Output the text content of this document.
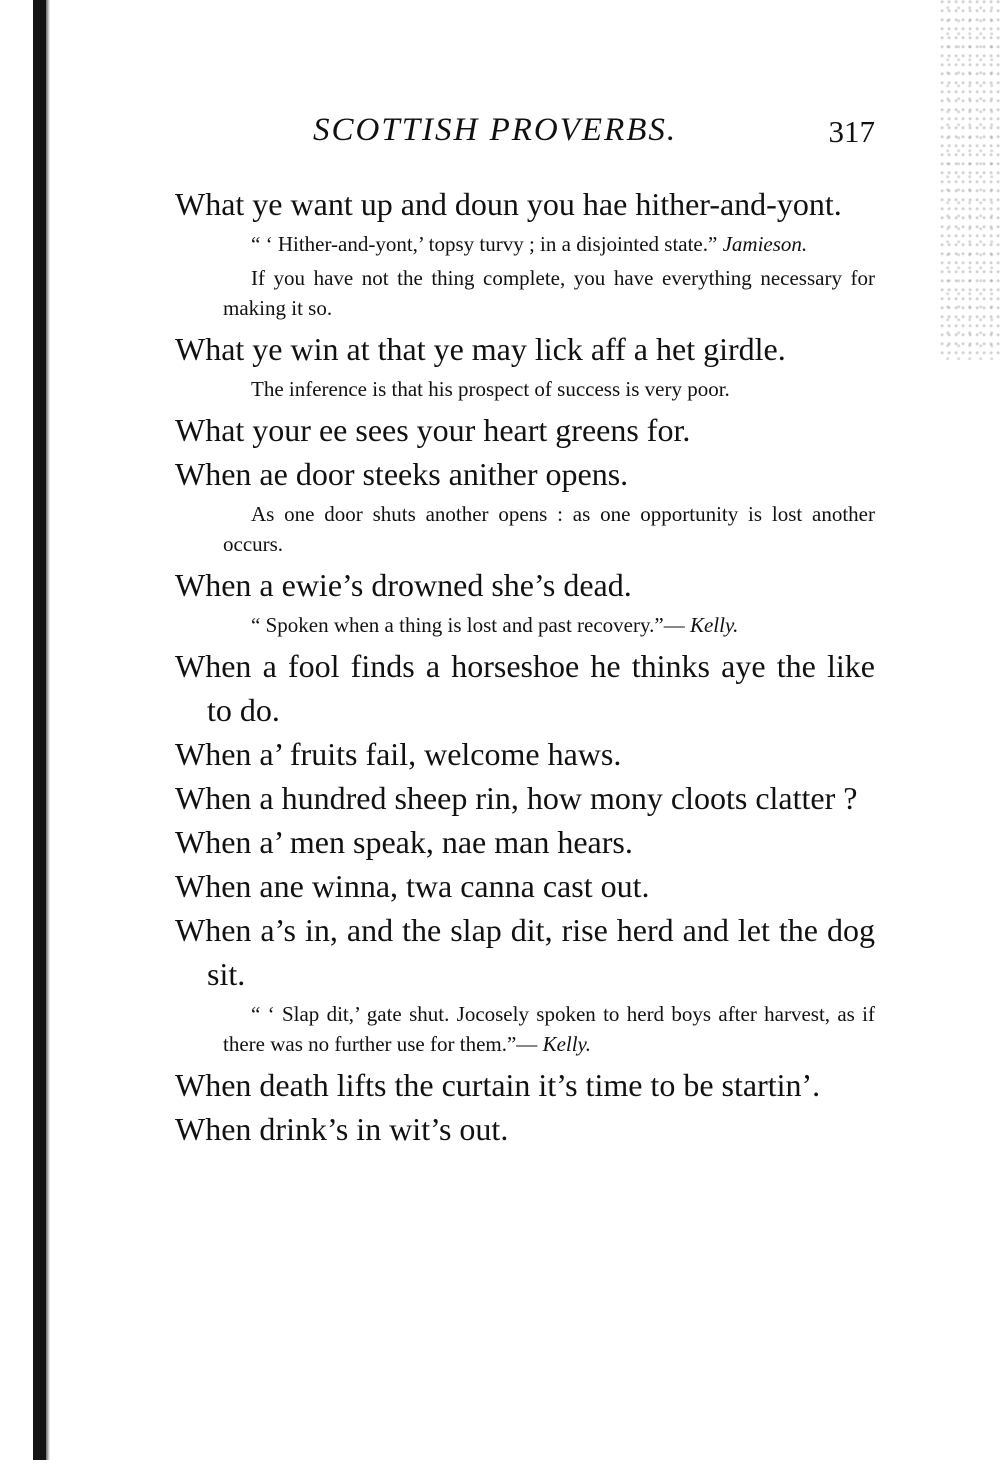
SCOTTISH PROVERBS.	317

What ye want up and doun you hae hither-and-yont.

“ ‘ Hither-and-yont,’ topsy turvy ; in a disjointed state.” Jamieson.

If you have not the thing complete, you have everything necessary for making it so.

What ye win at that ye may lick aff a het girdle.

The inference is that his prospect of success is very poor.

What your ee sees your heart greens for.

When ae door steeks anither opens.

As one door shuts another opens : as one opportunity is lost another occurs.

When a ewie’s drowned she’s dead.

“ Spoken when a thing is lost and past recovery.”— Kelly.

When a fool finds a horseshoe he thinks aye the like to do.

When a’ fruits fail, welcome haws.

When a hundred sheep rin, how mony cloots clatter ?

When a’ men speak, nae man hears.

When ane winna, twa canna cast out.

When a’s in, and the slap dit, rise herd and let the dog sit.

“ ‘ Slap dit,’ gate shut. Jocosely spoken to herd boys after harvest, as if there was no further use for them.”— Kelly.

When death lifts the curtain it’s time to be startin’.

When drink’s in wit’s out.
